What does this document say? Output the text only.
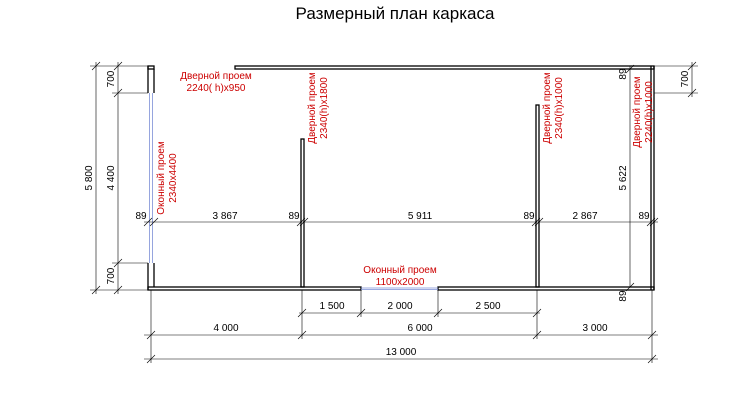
Размерный план каркаса
5 800
700
4 400
700
700
5 622
89
89
89	3 867	89	5 911	89	2 867	89
1 500	2 000	2 500
4 000	6 000	3 000
13 000
Дверной проем
2240( h)x950	Дверной проем 2340(h)x1800	Дверной проем 2340(h)x1000	Дверной проем 2240(h)x1000
Оконный проем 2340x4400
Оконный проем
1100x2000
